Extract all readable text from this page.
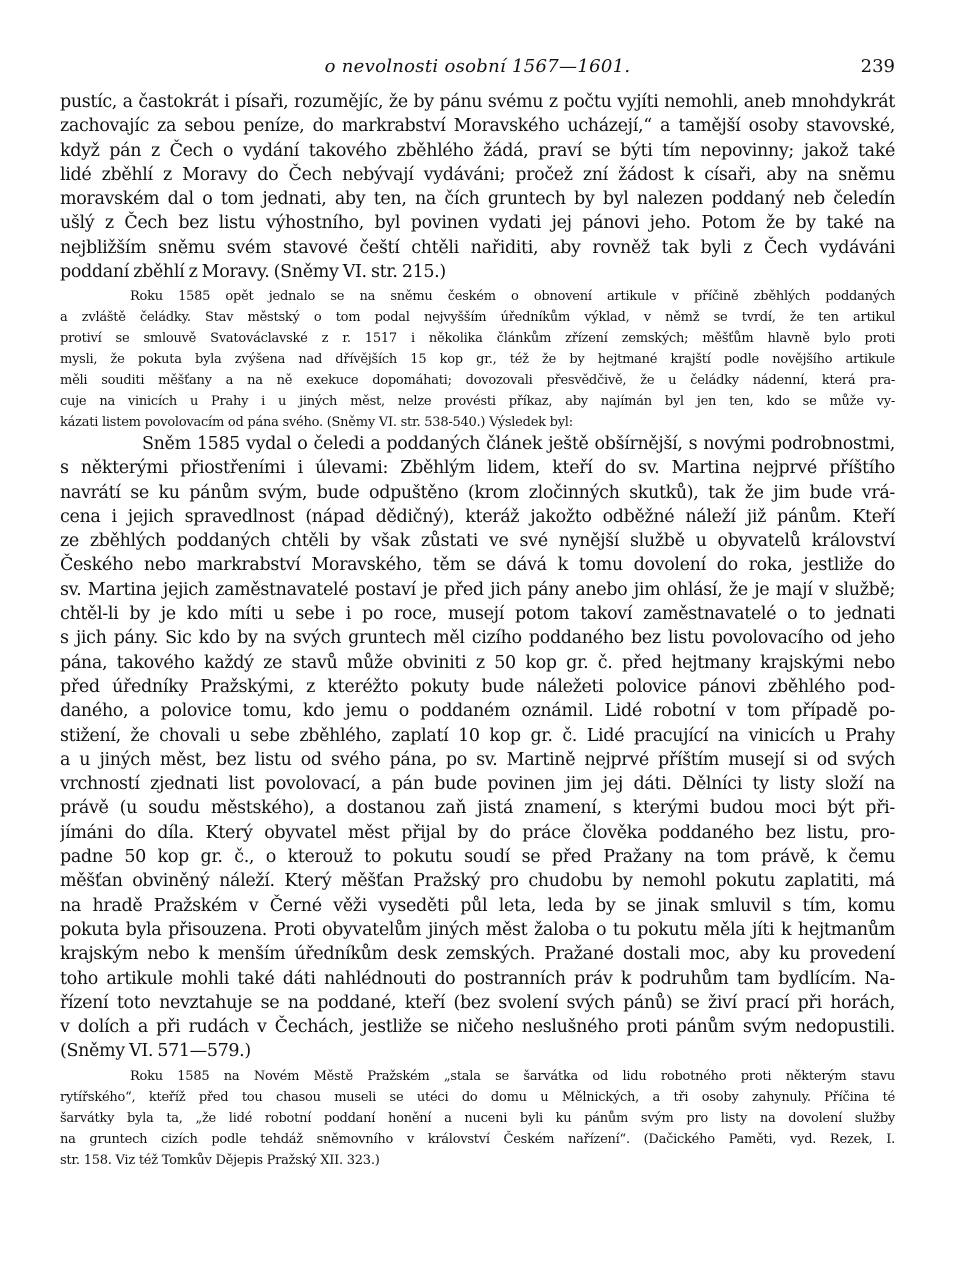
o nevolnosti osobní 1567—1601.	239
pustíc, a častokrát i písaři, rozumějíc, že by pánu svému z počtu vyjíti nemohli, aneb mnohdykrát
zachovajíc za sebou peníze, do markrabství Moravského ucházejí,“ a tamější osoby stavovské,
když pán z Čech o vydání takového zběhlého žádá, praví se býti tím nepovinny; jakož také
lidé zběhlí z Moravy do Čech nebývají vydáváni; pročež zní žádost k císaři, aby na sněmu
moravském dal o tom jednati, aby ten, na čích gruntech by byl nalezen poddaný neb čeledín
ušlý z Čech bez listu výhostního, byl povinen vydati jej pánovi jeho. Potom že by také na
nejbližším sněmu svém stavové čeští chtěli nařiditi, aby rovněž tak byli z Čech vydáváni
poddaní zběhlí z Moravy. (Sněmy VI. str. 215.)
Roku 1585 opět jednalo se na sněmu českém o obnovení artikule v příčině zběhlých poddaných
a zvláště čeládky. Stav městský o tom podal nejvyšším úředníkům výklad, v němž se tvrdí, že ten artikul
protiví se smlouvě Svatováclavské z r. 1517 i několika článkům zřízení zemských; měšťům hlavně bylo proti
mysli, že pokuta byla zvýšena nad dřívějších 15 kop gr., též že by hejtmané krajští podle novějšího artikule
měli souditi měšťany a na ně exekuce dopomáhati; dovozovali přesvědčivě, že u čeládky nádenní, která pra-
cuje na vinicích u Prahy i u jiných měst, nelze provésti příkaz, aby najímán byl jen ten, kdo se může vy-
kázati listem povolovacím od pána svého. (Sněmy VI. str. 538-540.) Výsledek byl:
Sněm 1585 vydal o čeledi a poddaných článek ještě obšírnější, s novými podrobnostmi,
s některými přiostřeními i úlevami: Zběhlým lidem, kteří do sv. Martina nejprvé příštího
navrátí se ku pánům svým, bude odpuštěno (krom zločinných skutků), tak že jim bude vrá-
cena i jejich spravedlnost (nápad dědičný), kteráž jakožto odběžné náleží již pánům. Kteří
ze zběhlých poddaných chtěli by však zůstati ve své nynější službě u obyvatelů království
Českého nebo markrabství Moravského, těm se dává k tomu dovolení do roka, jestliže do
sv. Martina jejich zaměstnavatelé postaví je před jich pány anebo jim ohlásí, že je mají v službě;
chtěl-li by je kdo míti u sebe i po roce, musejí potom takoví zaměstnavatelé o to jednati
s jich pány. Sic kdo by na svých gruntech měl cizího poddaného bez listu povolovacího od jeho
pána, takového každý ze stavů může obviniti z 50 kop gr. č. před hejtmany krajskými nebo
před úředníky Pražskými, z kteréžto pokuty bude náležeti polovice pánovi zběhlého pod-
daného, a polovice tomu, kdo jemu o poddaném oznámil. Lidé robotní v tom případě po-
stižení, že chovali u sebe zběhlého, zaplatí 10 kop gr. č. Lidé pracující na vinicích u Prahy
a u jiných měst, bez listu od svého pána, po sv. Martině nejprvé příštím musejí si od svých
vrchností zjednati list povolovací, a pán bude povinen jim jej dáti. Dělníci ty listy složí na
právě (u soudu městského), a dostanou zaň jistá znamení, s kterými budou moci být při-
jímáni do díla. Který obyvatel měst přijal by do práce člověka poddaného bez listu, pro-
padne 50 kop gr. č., o kterouž to pokutu soudí se před Pražany na tom právě, k čemu
měšťan obviněný náleží. Který měšťan Pražský pro chudobu by nemohl pokutu zaplatiti, má
na hradě Pražském v Černé věži vyseděti půl leta, leda by se jinak smluvil s tím, komu
pokuta byla přisouzena. Proti obyvatelům jiných měst žaloba o tu pokutu měla jíti k hejtmanům
krajským nebo k menším úředníkům desk zemských. Pražané dostali moc, aby ku provedení
toho artikule mohli také dáti nahlédnouti do postranních práv k podruhům tam bydlícím. Na-
řízení toto nevztahuje se na poddané, kteří (bez svolení svých pánů) se živí prací při horách,
v dolích a při rudách v Čechách, jestliže se ničeho neslušného proti pánům svým nedopustili.
(Sněmy VI. 571—579.)
Roku 1585 na Novém Městě Pražském „stala se šarvátka od lidu robotného proti některým stavu
rytířského“, kteříž před tou chasou museli se utéci do domu u Mělnických, a tři osoby zahynuly. Příčina té
šarvátky byla ta, „že lidé robotní poddaní honění a nuceni byli ku pánům svým pro listy na dovolení služby
na gruntech cizích podle tehdáž sněmovního v království Českém nařízení“. (Dačického Paměti, vyd. Rezek, I.
str. 158. Viz též Tomkův Dějepis Pražský XII. 323.)
